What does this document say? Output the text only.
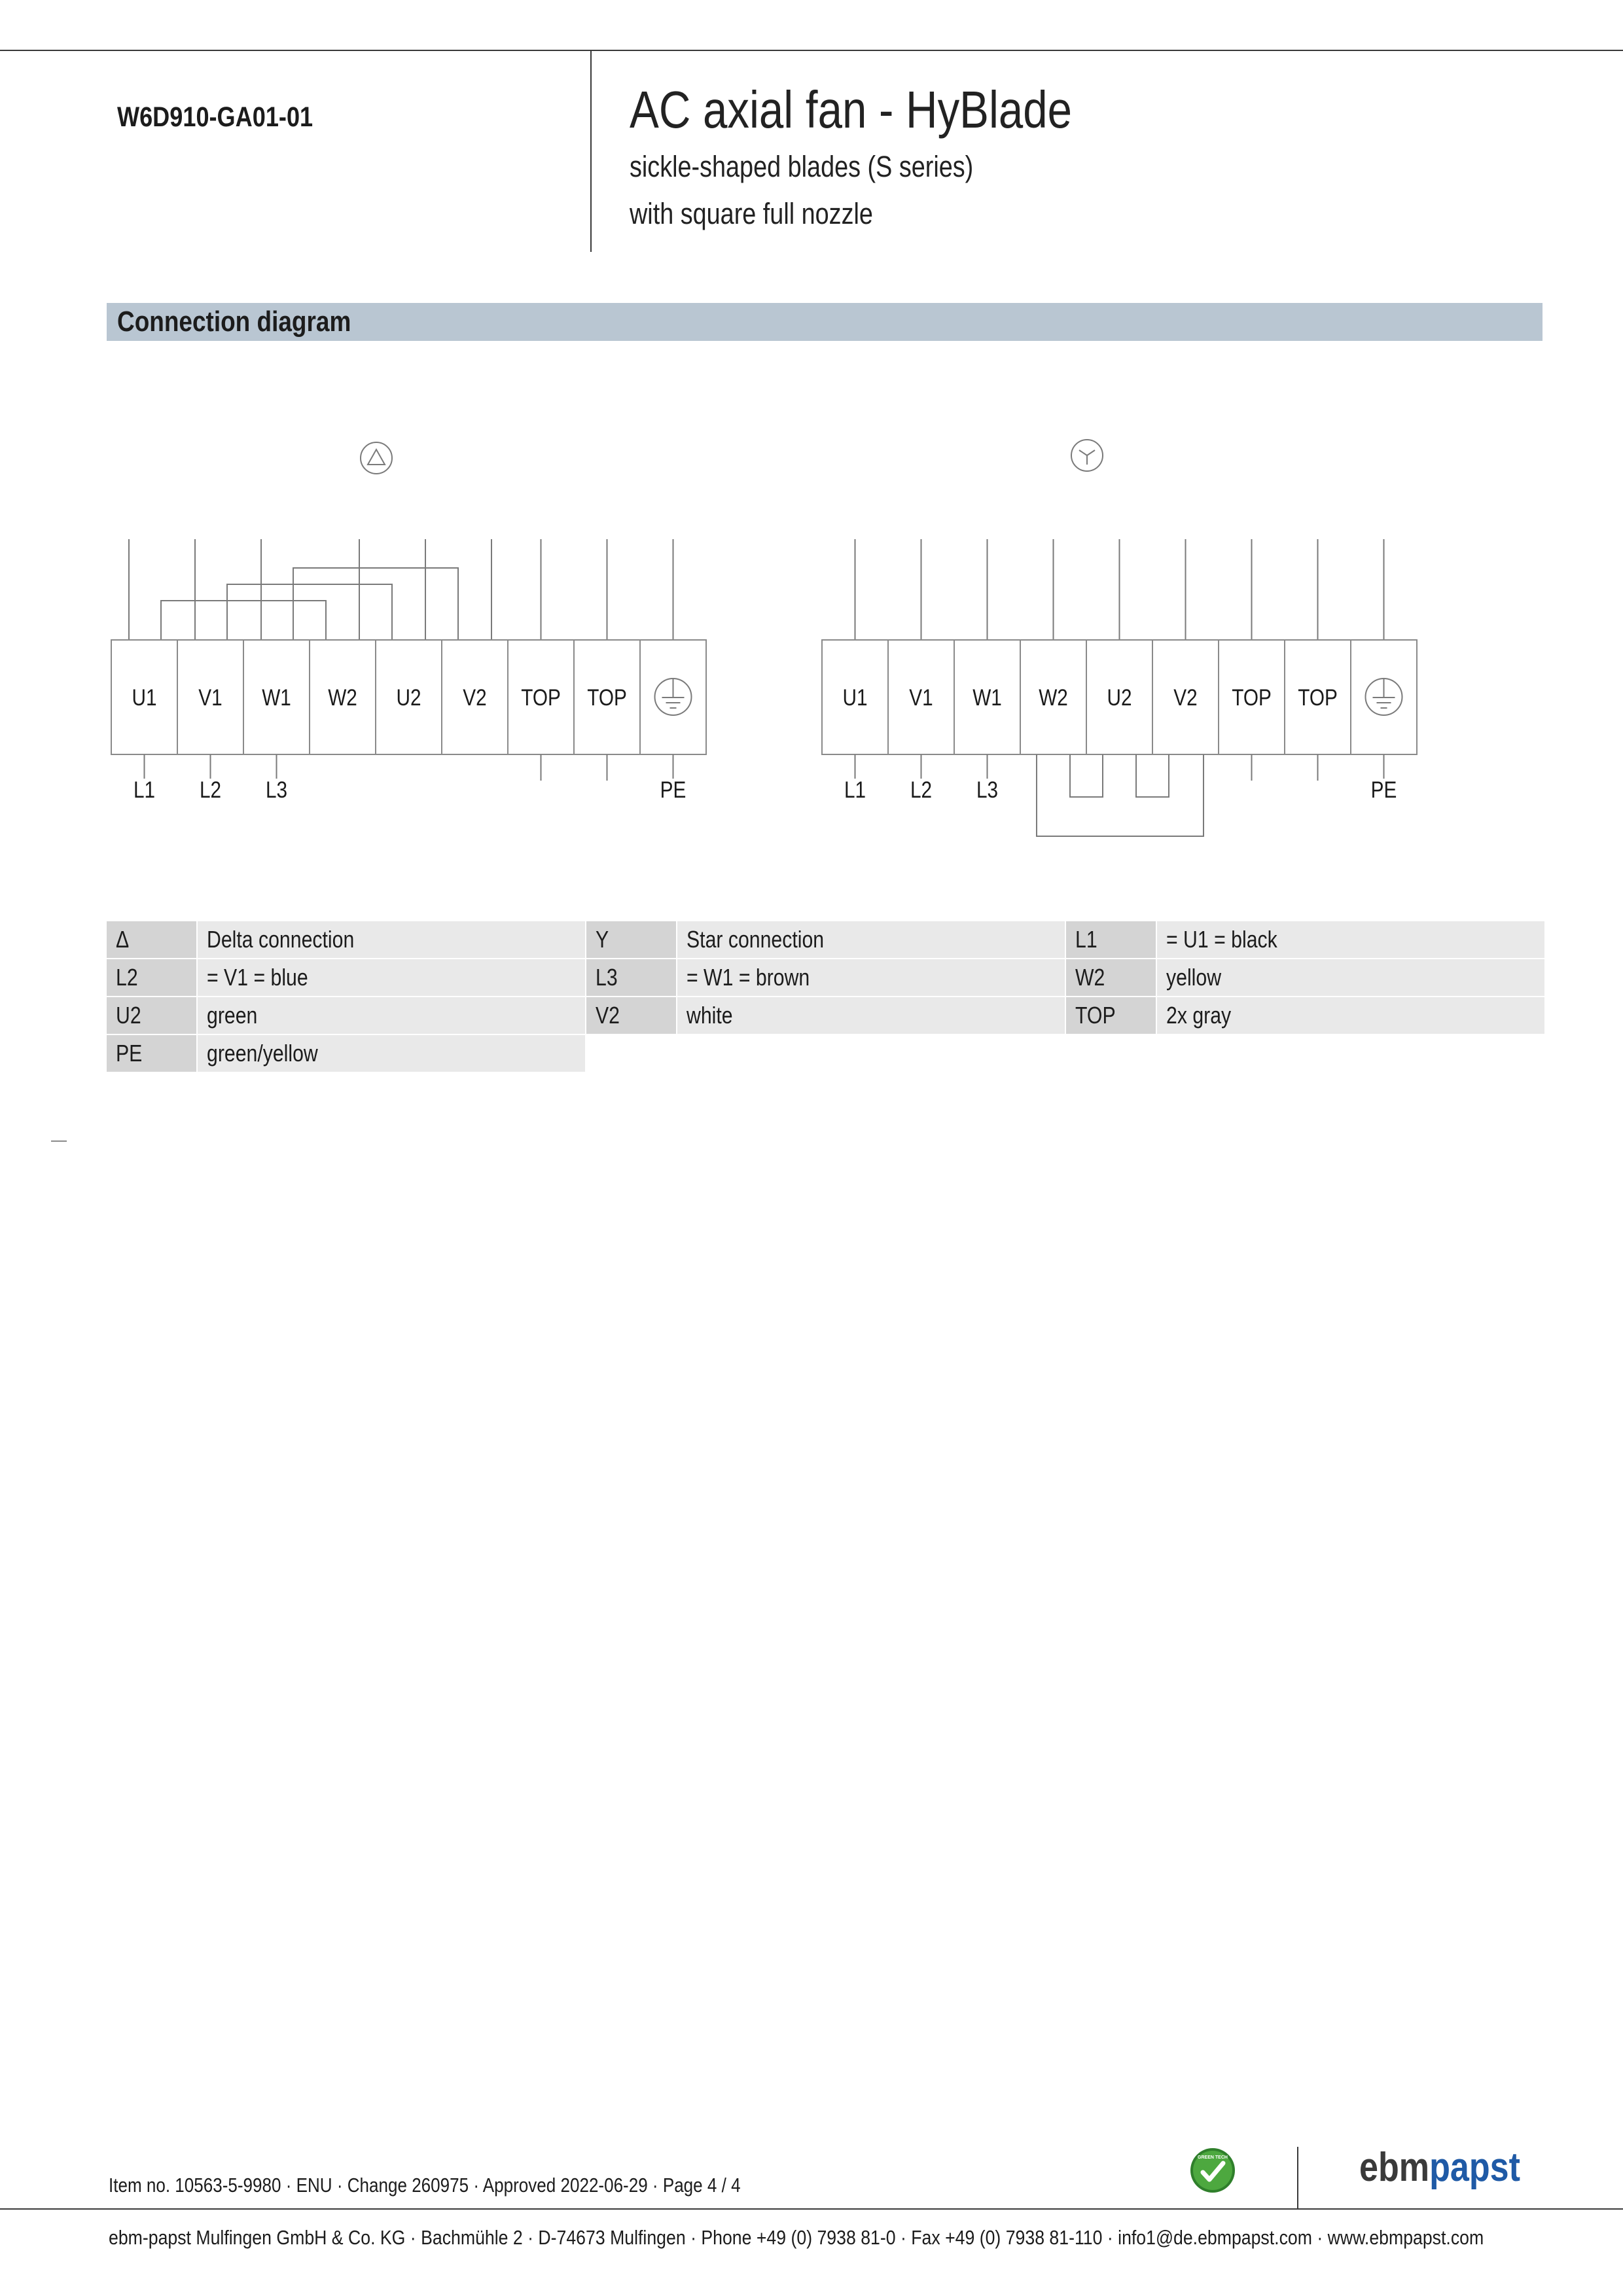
W6D910-GA01-01	AC axial fan - HyBlade
sickle-shaped blades (S series)
with square full nozzle
Connection diagram
U1 V1 W1 W2 U2 V2 TOP TOP
L1 L2 L3	PE
U1 V1 W1 W2 U2 V2 TOP TOP
L1 L2 L3	PE
Δ	Delta connection	Y	Star connection	L1	= U1 = black
L2	= V1 = blue	L3	= W1 = brown	W2	yellow
U2	green	V2	white	TOP	2x gray
PE	green/yellow
Item no. 10563-5-9980 · ENU · Change 260975 · Approved 2022-06-29 · Page 4 / 4
GREEN TECH	ebmpapst
ebm-papst Mulfingen GmbH & Co. KG · Bachmühle 2 · D-74673 Mulfingen · Phone +49 (0) 7938 81-0 · Fax +49 (0) 7938 81-110 · info1@de.ebmpapst.com · www.ebmpapst.com
